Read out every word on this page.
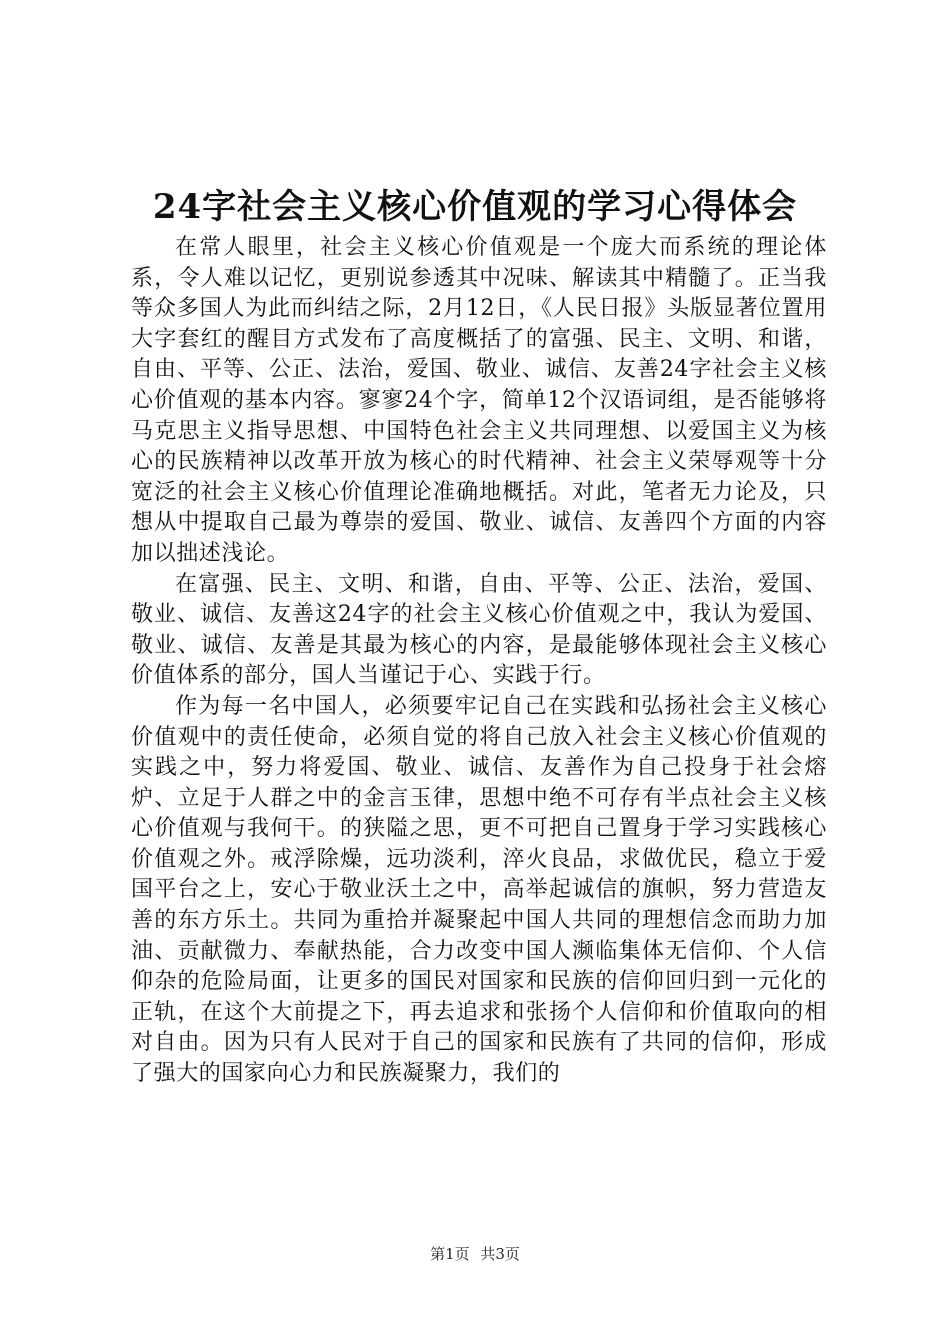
24字社会主义核心价值观的学习心得体会

在常人眼里，社会主义核心价值观是一个庞大而系统的理论体系，令人难以记忆，更别说参透其中况味、解读其中精髓了。正当我等众多国人为此而纠结之际，2月12日，《人民日报》头版显著位置用大字套红的醒目方式发布了高度概括了的富强、民主、文明、和谐，自由、平等、公正、法治，爱国、敬业、诚信、友善24字社会主义核心价值观的基本内容。寥寥24个字，简单12个汉语词组，是否能够将马克思主义指导思想、中国特色社会主义共同理想、以爱国主义为核心的民族精神以改革开放为核心的时代精神、社会主义荣辱观等十分宽泛的社会主义核心价值理论准确地概括。对此，笔者无力论及，只想从中提取自己最为尊崇的爱国、敬业、诚信、友善四个方面的内容加以拙述浅论。

在富强、民主、文明、和谐，自由、平等、公正、法治，爱国、敬业、诚信、友善这24字的社会主义核心价值观之中，我认为爱国、敬业、诚信、友善是其最为核心的内容，是最能够体现社会主义核心价值体系的部分，国人当谨记于心、实践于行。

作为每一名中国人，必须要牢记自己在实践和弘扬社会主义核心价值观中的责任使命，必须自觉的将自己放入社会主义核心价值观的实践之中，努力将爱国、敬业、诚信、友善作为自己投身于社会熔炉、立足于人群之中的金言玉律，思想中绝不可存有半点社会主义核心价值观与我何干。的狭隘之思，更不可把自己置身于学习实践核心价值观之外。戒浮除燥，远功淡利，淬火良品，求做优民，稳立于爱国平台之上，安心于敬业沃土之中，高举起诚信的旗帜，努力营造友善的东方乐土。共同为重拾并凝聚起中国人共同的理想信念而助力加油、贡献微力、奉献热能，合力改变中国人濒临集体无信仰、个人信仰杂的危险局面，让更多的国民对国家和民族的信仰回归到一元化的正轨，在这个大前提之下，再去追求和张扬个人信仰和价值取向的相对自由。因为只有人民对于自己的国家和民族有了共同的信仰，形成了强大的国家向心力和民族凝聚力，我们的

第1页 共3页
